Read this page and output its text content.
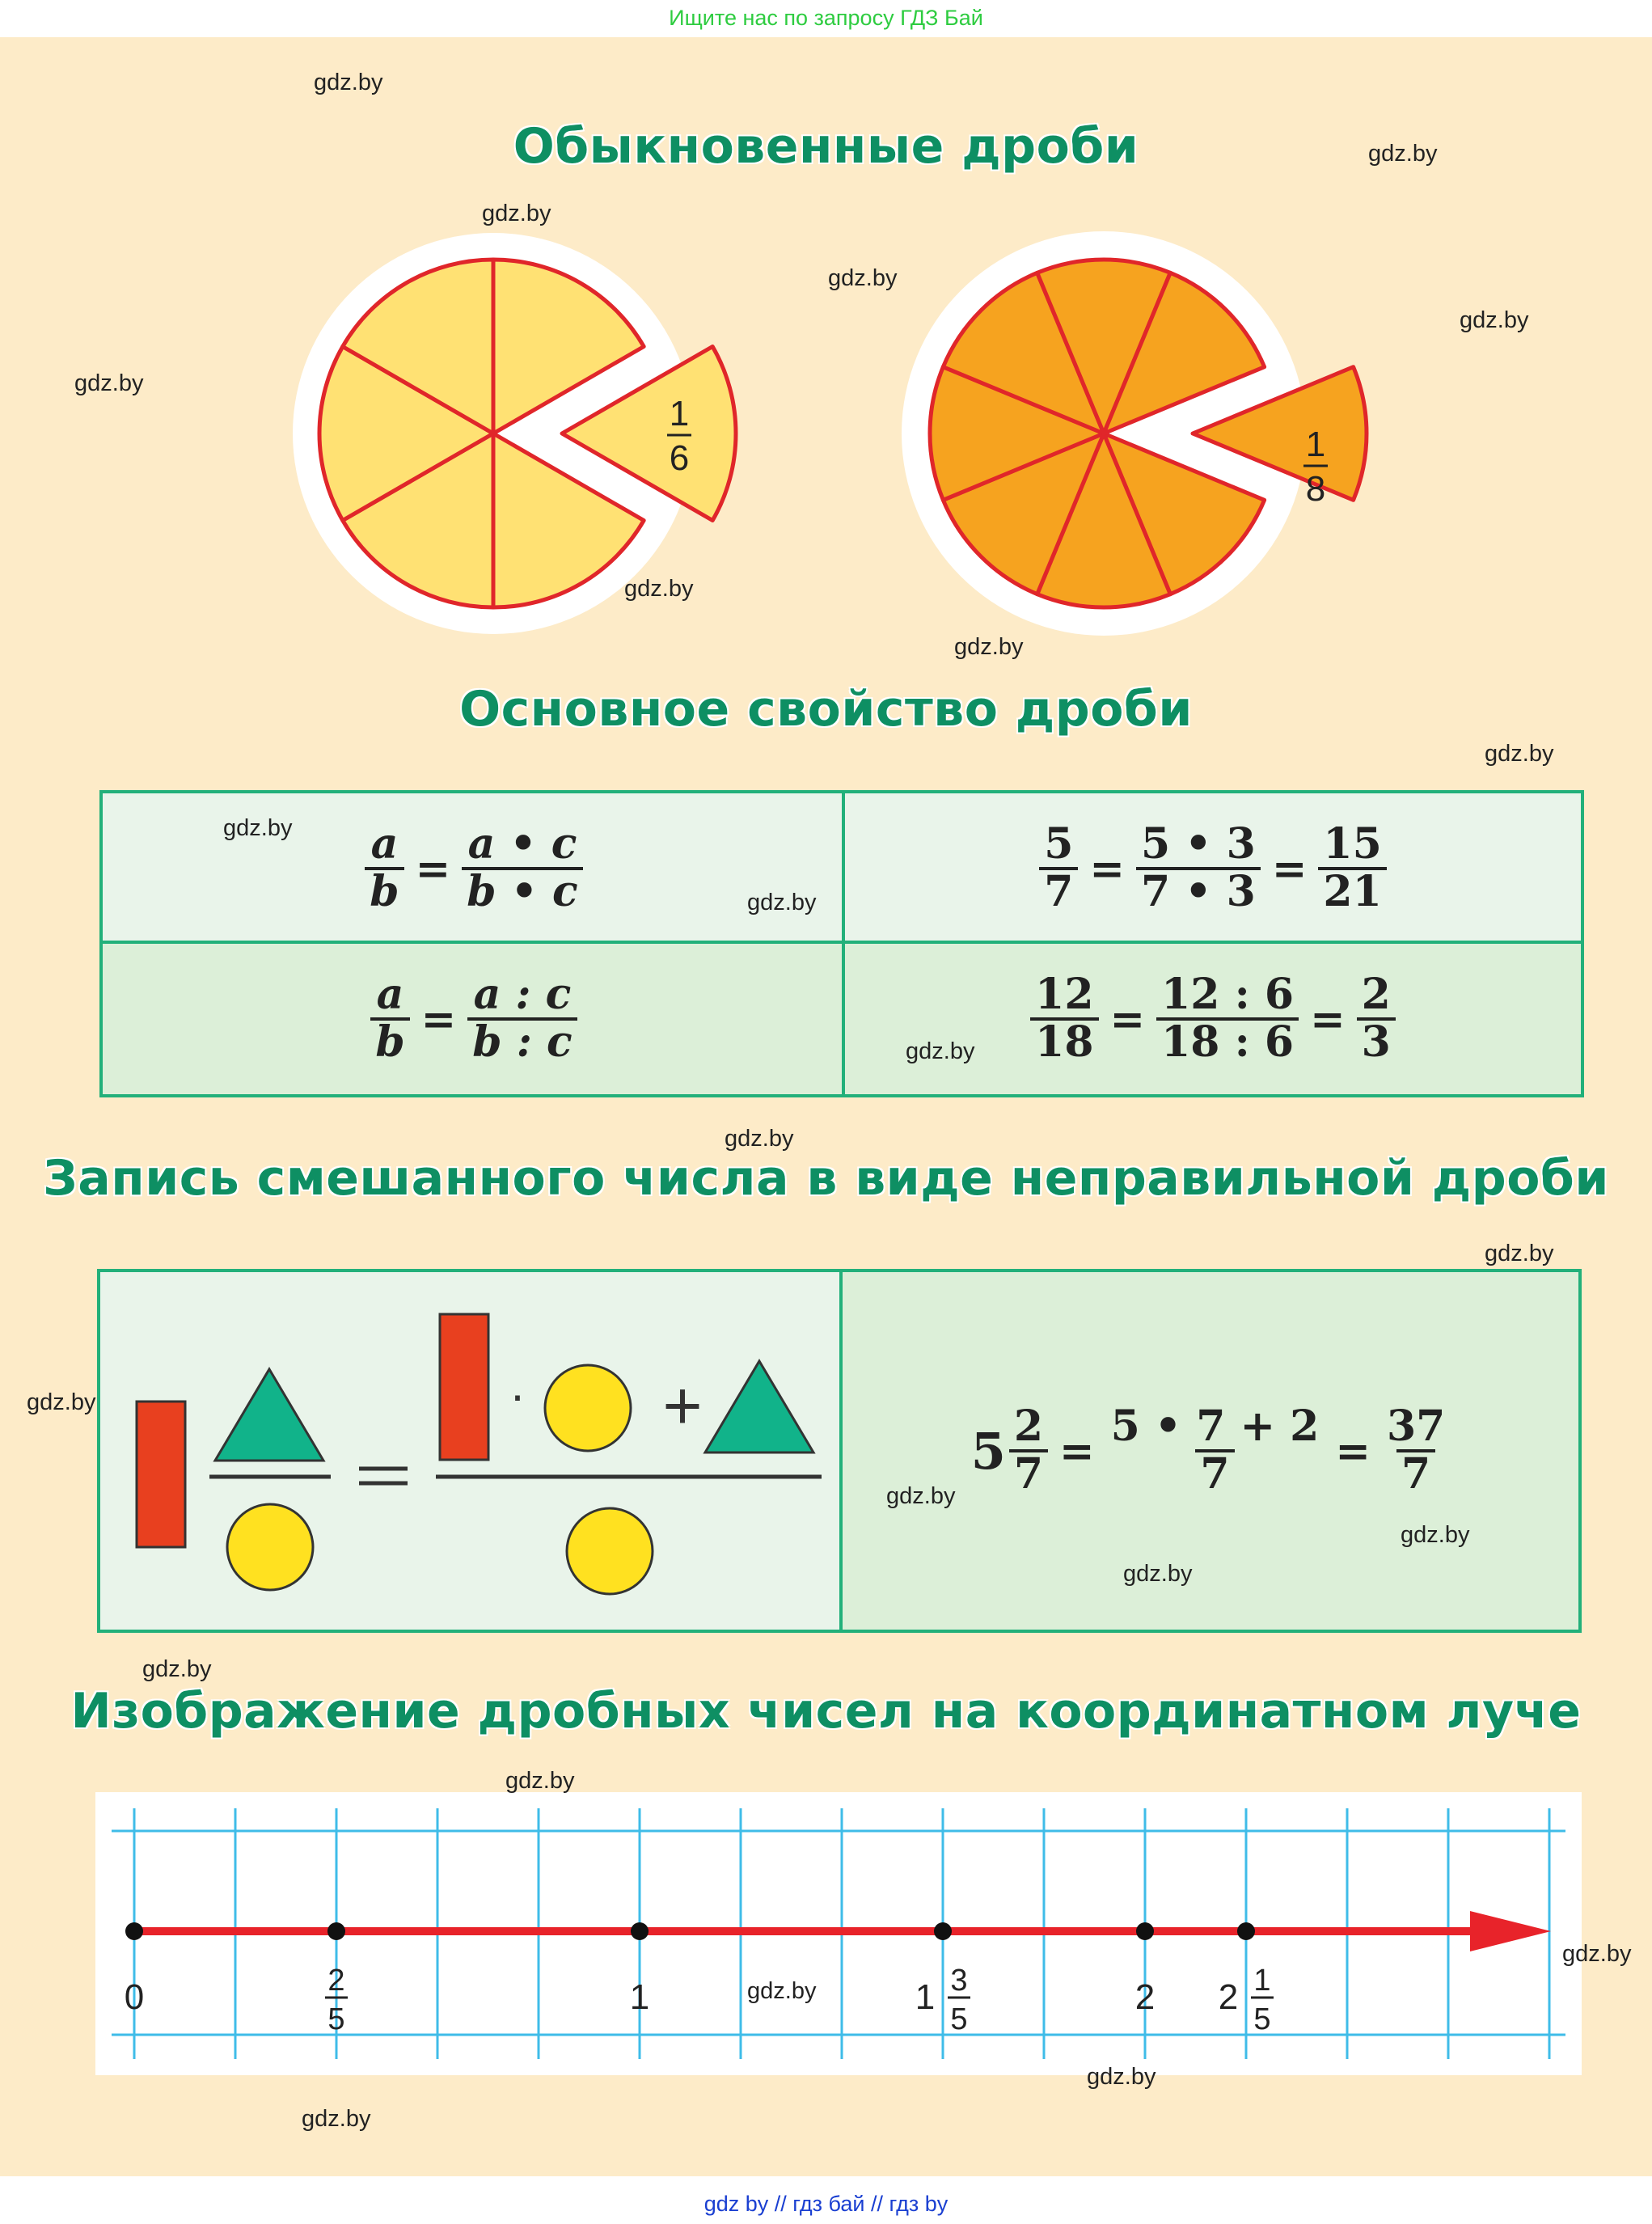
Ищите нас по запросу ГДЗ Бай
Обыкновенные дроби
1
6	1
8
Основное свойство дроби
$\frac{a}{b} = \frac{a • c}{b • c}$	$\frac{5}{7} = \frac{5 • 3}{7 • 3} = \frac{15}{21}$
$\frac{a}{b} = \frac{a : c}{b : c}$	$\frac{12}{18} = \frac{12 : 6}{18 : 6} = \frac{2}{3}$
Запись смешанного числа в виде неправильной дроби
· +
$5 \frac{2}{7} = \frac{5 • 7 + 2}{7} = \frac{37}{7}$
Изображение дробных чисел на координатном луче
0	2
5
1	1 3
5
2 2 1
5
gdz.by
gdz.by
gdz.by
gdz.by
gdz.by
gdz.by
gdz.by
gdz.by
gdz.by
gdz.by
gdz.by
gdz.by
gdz.by
gdz.by
gdz.by
gdz.by
gdz.by
gdz.by
gdz.by
gdz.by
gdz.by
gdz.by
gdz.by
gdz.by
gdz by // гдз бай // гдз by
